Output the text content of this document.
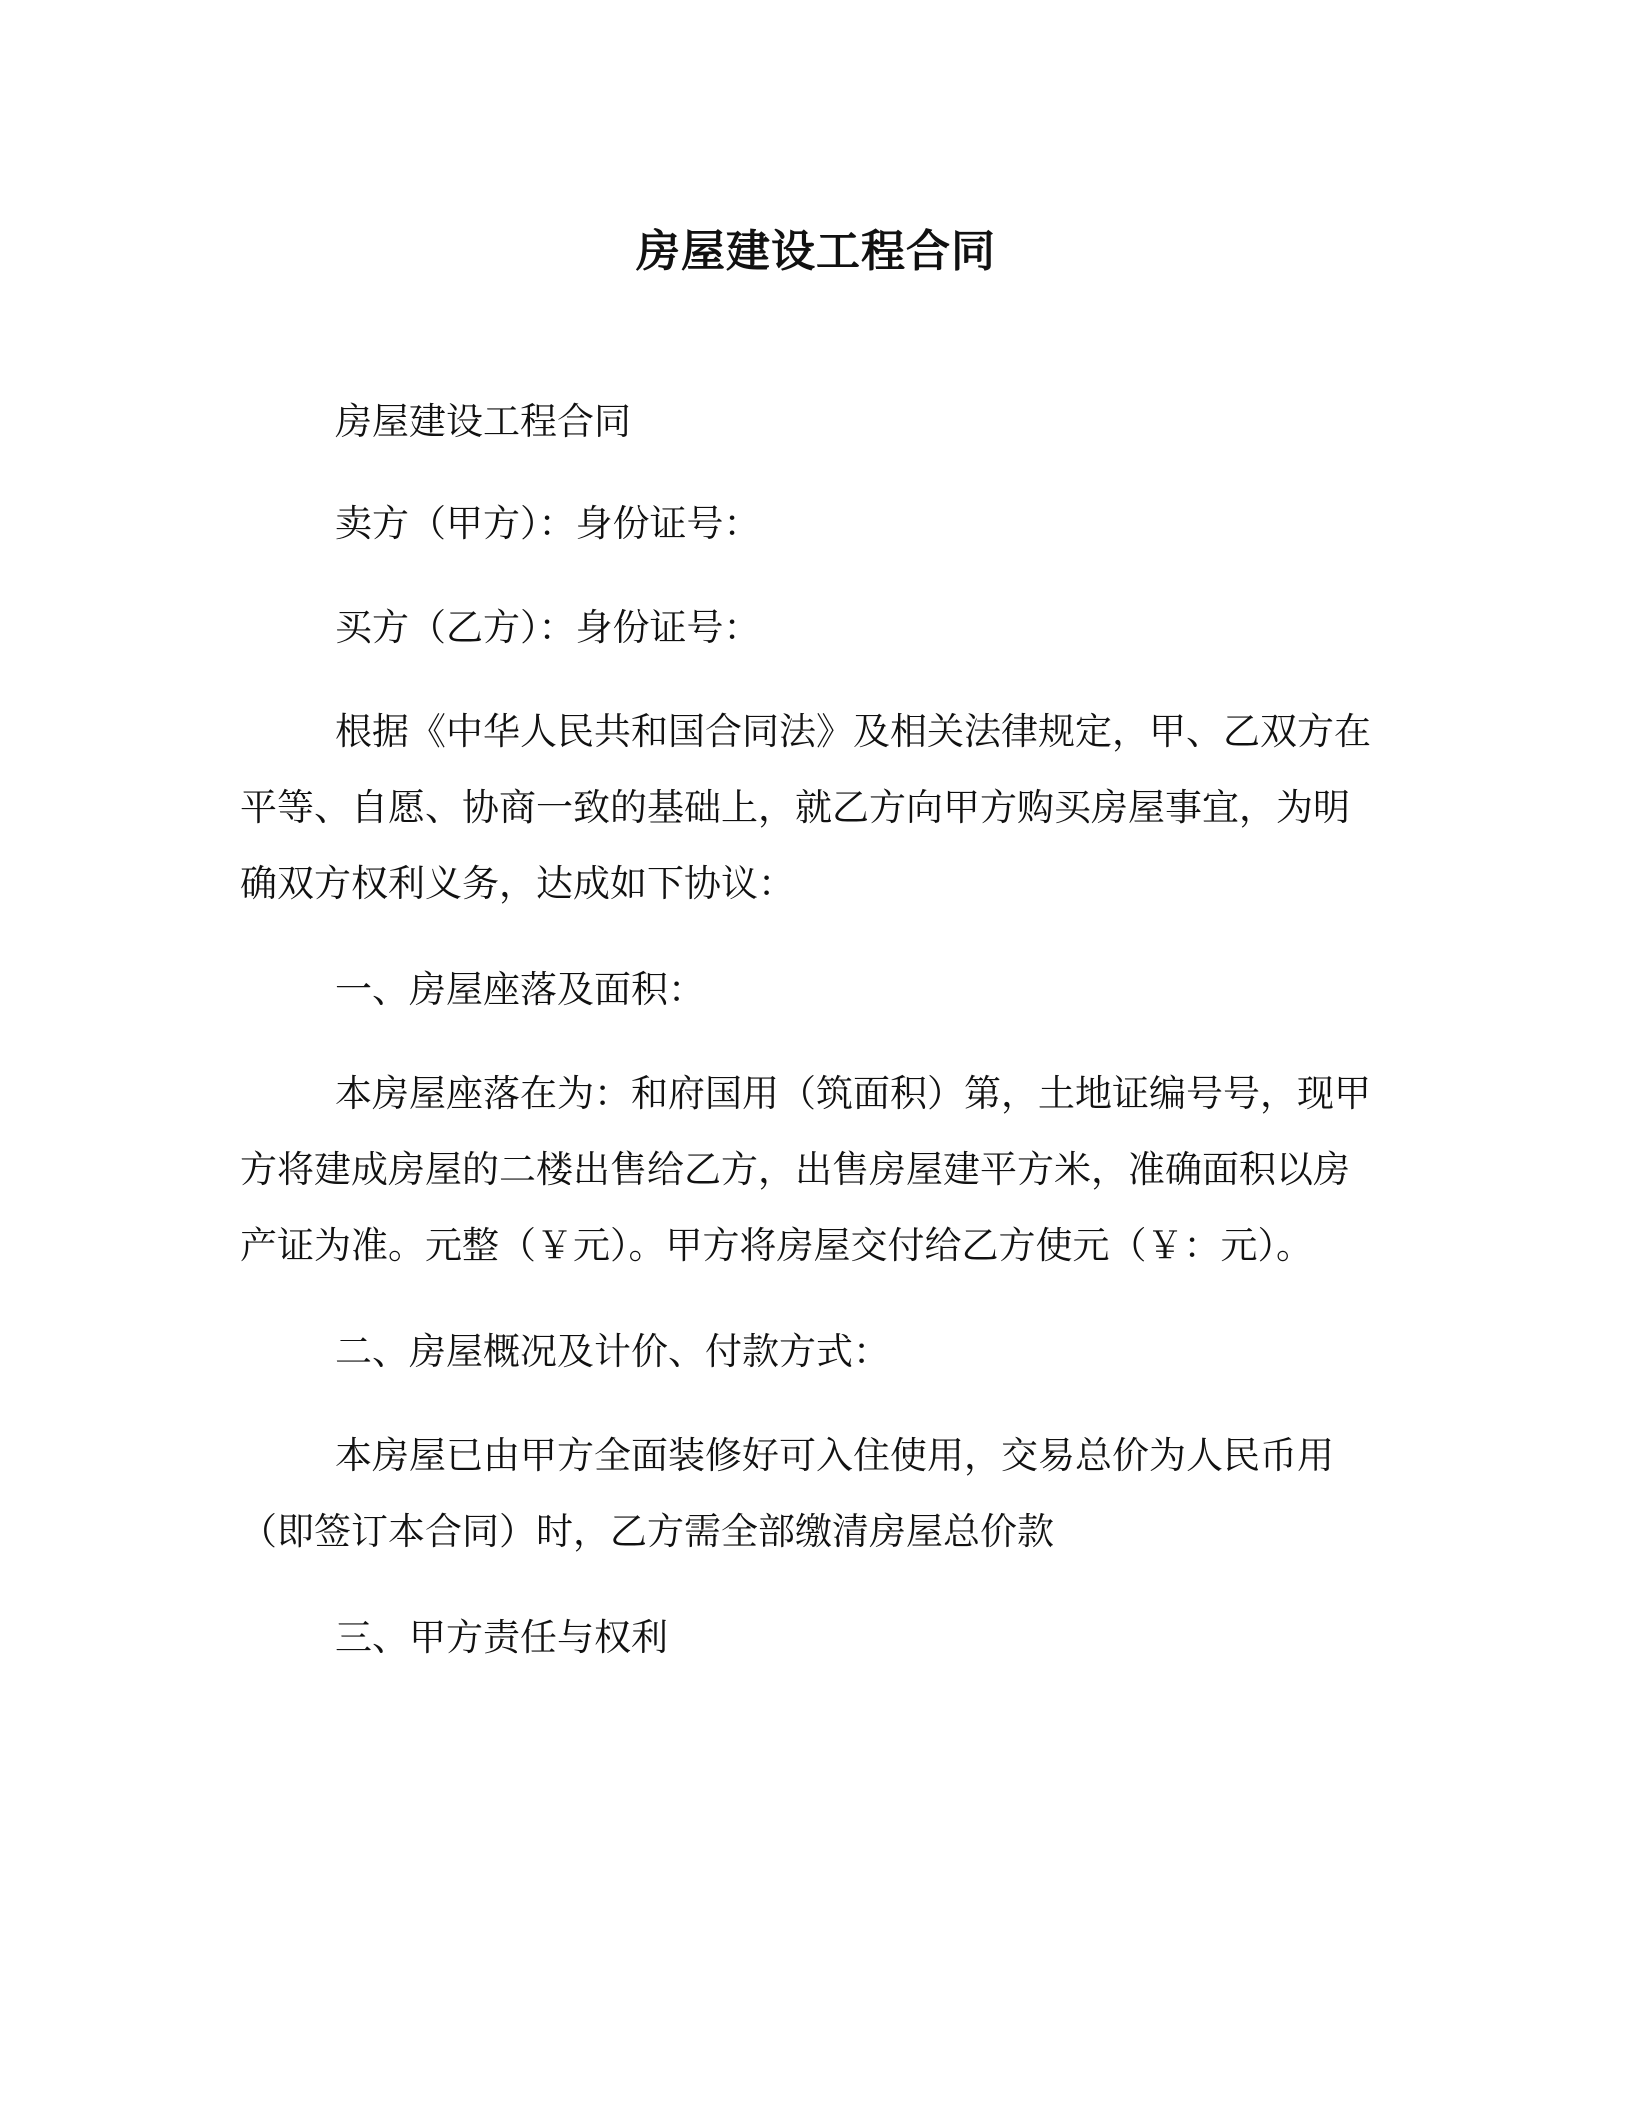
房屋建设工程合同
房屋建设工程合同
卖方（甲方）：身份证号：
买方（乙方）：身份证号：
根据《中华人民共和国合同法》及相关法律规定，甲、乙双方在
平等、自愿、协商一致的基础上，就乙方向甲方购买房屋事宜，为明
确双方权利义务，达成如下协议：
一、房屋座落及面积：
本房屋座落在为：和府国用（筑面积）第，土地证编号号，现甲
方将建成房屋的二楼出售给乙方，出售房屋建平方米，准确面积以房
产证为准。元整（￥元）。甲方将房屋交付给乙方使元（￥：元）。
二、房屋概况及计价、付款方式：
本房屋已由甲方全面装修好可入住使用，交易总价为人民币用
（即签订本合同）时，乙方需全部缴清房屋总价款
三、甲方责任与权利
